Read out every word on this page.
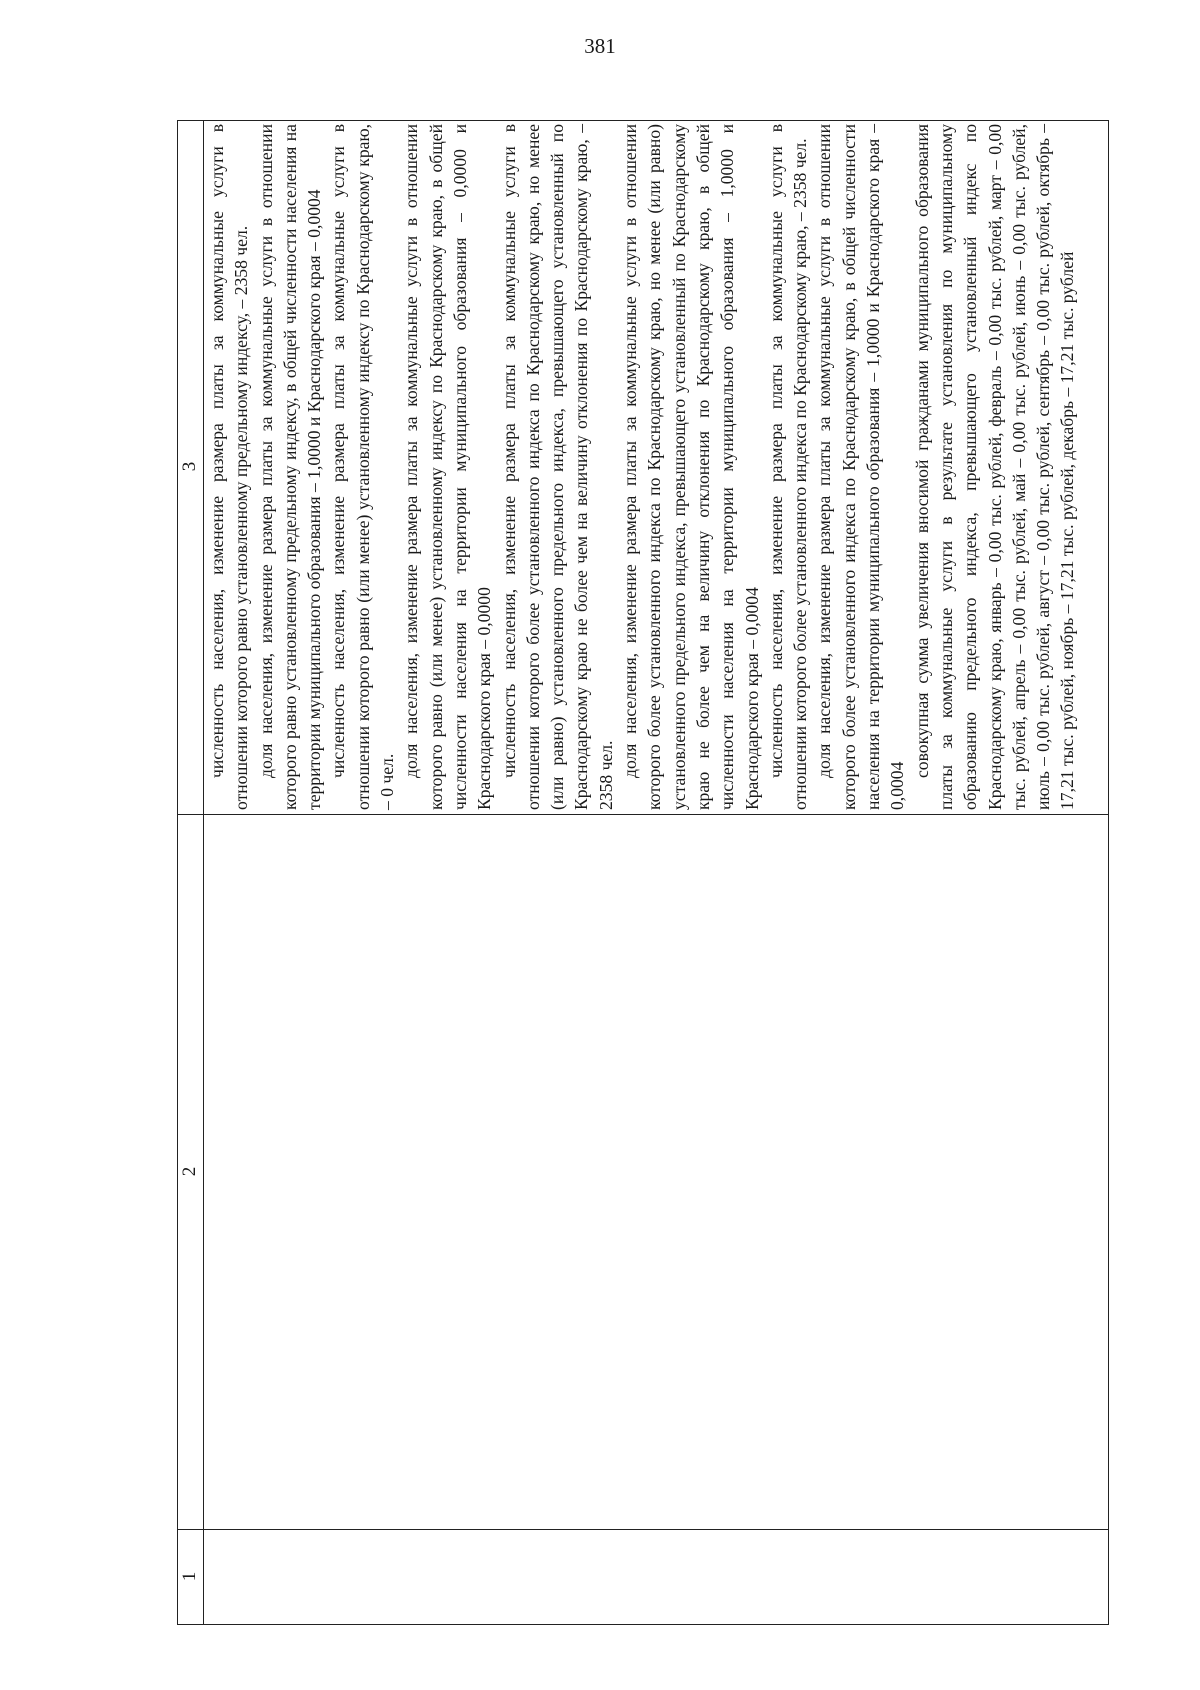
381
1
2
3 численность населения, изменение размера платы за коммунальные услуги в отношении которого равно установленному предельному индексу, – 2358 чел. доля населения, изменение размера платы за коммунальные услуги в отношении которого равно установленному предельному индексу, в общей численности населения на территории муниципального образования – 1,0000 и Краснодарского края – 0,0004 численность населения, изменение размера платы за коммунальные услуги в отношении которого равно (или менее) установленному индексу по Краснодарскому краю, – 0 чел.

доля населения, изменение размера платы за коммунальные услуги в отношении которого равно (или менее) установленному индексу по Краснодарскому краю, в общей численности населения на территории муниципального образования – 0,0000 и Краснодарского края – 0,0000 численность населения, изменение размера платы за коммунальные услуги в отношении которого более установленного индекса по Краснодарскому краю, но менее (или равно) установленного предельного индекса, превышающего установленный по Краснодарскому краю не более чем на величину отклонения по Краснодарскому краю, – 2358 чел. доля населения, изменение размера платы за коммунальные услуги в отношении которого более установленного индекса по Краснодарскому краю, но менее (или равно) установленного предельного индекса, превышающего установленный по Краснодарскому краю не более чем на величину отклонения по Краснодарскому краю, в общей численности населения на территории муниципального образования – 1,0000 и Краснодарского края – 0,0004 численность населения, изменение размера платы за коммунальные услуги в отношении которого более установленного индекса по Краснодарскому краю, – 2358 чел. доля населения, изменение размера платы за коммунальные услуги в отношении которого более установленного индекса по Краснодарскому краю, в общей численности населения на территории муниципального образования – 1,0000 и Краснодарского края – 0,0004

совокупная сумма увеличения вносимой гражданами муниципального образования платы за коммунальные услуги в результате установления по муниципальному образованию предельного индекса, превышающего установленный индекс по Краснодарскому краю, январь – 0,00 тыс. рублей, февраль – 0,00 тыс. рублей, март – 0,00 тыс. рублей, апрель – 0,00 тыс. рублей, май – 0,00 тыс. рублей, июнь – 0,00 тыс. рублей, июль – 0,00 тыс. рублей, август – 0,00 тыс. рублей, сентябрь – 0,00 тыс. рублей, октябрь – 17,21 тыс. рублей, ноябрь – 17,21 тыс. рублей, декабрь – 17,21 тыс. рублей
